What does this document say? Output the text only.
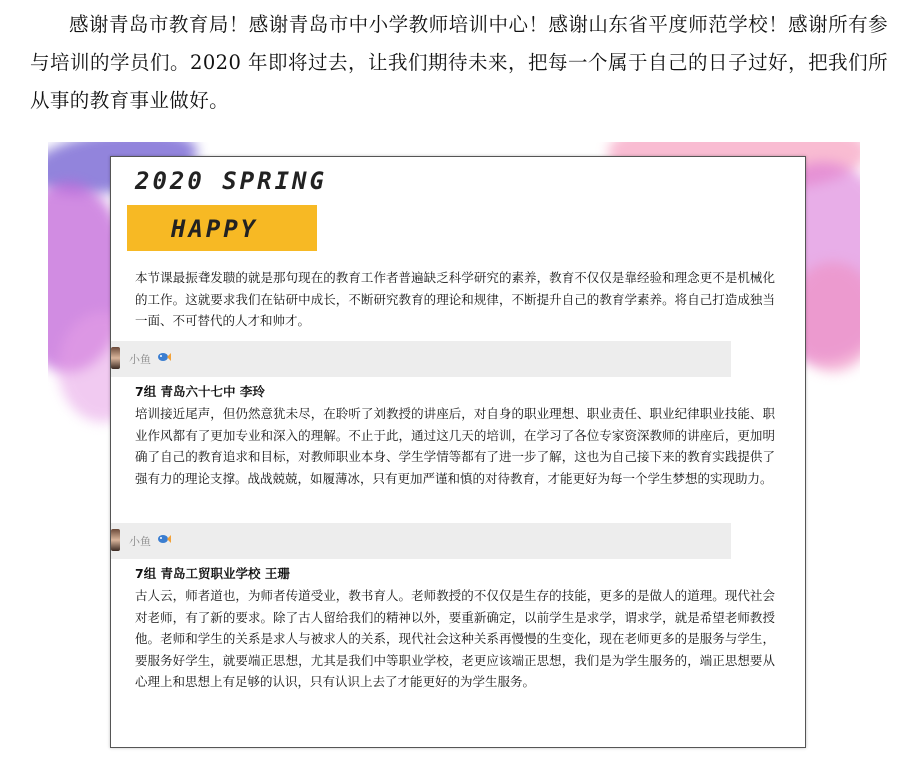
感谢青岛市教育局！感谢青岛市中小学教师培训中心！感谢山东省平度师范学校！感谢所有参与培训的学员们。2020 年即将过去，让我们期待未来，把每一个属于自己的日子过好，把我们所从事的教育事业做好。

2020 SPRING
HAPPY

本节课最振聋发聩的就是那句现在的教育工作者普遍缺乏科学研究的素养，教育不仅仅是靠经验和理念更不是机械化的工作。这就要求我们在钻研中成长，不断研究教育的理论和规律，不断提升自己的教育学素养。将自己打造成独当一面、不可替代的人才和帅才。

小鱼
7组 青岛六十七中 李玲

培训接近尾声，但仍然意犹未尽，在聆听了刘教授的讲座后，对自身的职业理想、职业责任、职业纪律职业技能、职业作风都有了更加专业和深入的理解。不止于此，通过这几天的培训，在学习了各位专家资深教师的讲座后，更加明确了自己的教育追求和目标，对教师职业本身、学生学情等都有了进一步了解，这也为自己接下来的教育实践提供了强有力的理论支撑。战战兢兢，如履薄冰，只有更加严谨和慎的对待教育，才能更好为每一个学生梦想的实现助力。

小鱼
7组 青岛工贸职业学校 王珊

古人云，师者道也，为师者传道受业，教书育人。老师教授的不仅仅是生存的技能，更多的是做人的道理。现代社会对老师，有了新的要求。除了古人留给我们的精神以外，要重新确定，以前学生是求学，谓求学，就是希望老师教授他。老师和学生的关系是求人与被求人的关系，现代社会这种关系再慢慢的生变化，现在老师更多的是服务与学生，要服务好学生，就要端正思想，尤其是我们中等职业学校，老更应该端正思想，我们是为学生服务的，端正思想要从心理上和思想上有足够的认识，只有认识上去了才能更好的为学生服务。
